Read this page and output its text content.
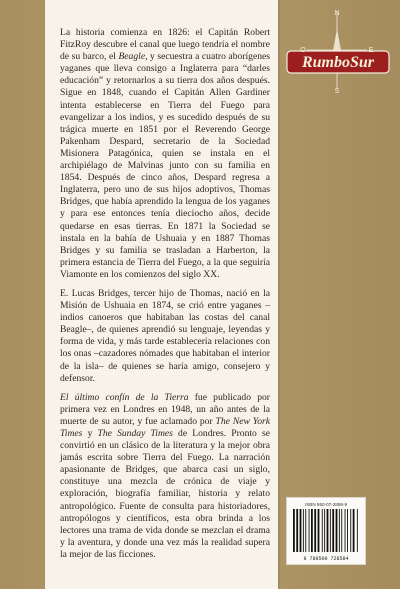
La historia comienza en 1826: el Capitán Robert FitzRoy descubre el canal que luego tendría el nombre de su barco, el Beagle, y secuestra a cuatro aborígenes yaganes que lleva consigo a Inglaterra para “darles educación” y retornarlos a su tierra dos años después. Sigue en 1848, cuando el Capitán Allen Gardiner intenta establecerse en Tierra del Fuego para evangelizar a los indios, y es sucedido después de su trágica muerte en 1851 por el Reverendo George Pakenham Despard, secretario de la Sociedad Misionera Patagónica, quien se instala en el archipiélago de Malvinas junto con su familia en 1854. Después de cinco años, Despard regresa a Inglaterra, pero uno de sus hijos adoptivos, Thomas Bridges, que había aprendido la lengua de los yaganes y para ese entonces tenía dieciocho años, decide quedarse en esas tierras. En 1871 la Sociedad se instala en la bahía de Ushuaia y en 1887 Thomas Bridges y su familia se trasladan a Harberton, la primera estancia de Tierra del Fuego, a la que seguiría Viamonte en los comienzos del siglo XX.

E. Lucas Bridges, tercer hijo de Thomas, nació en la Misión de Ushuaia en 1874, se crió entre yaganes –indios canoeros que habitaban las costas del canal Beagle–, de quienes aprendió su lenguaje, leyendas y forma de vida, y más tarde establecería relaciones con los onas –cazadores nómades que habitaban el interior de la isla– de quienes se haría amigo, consejero y defensor.

El último confín de la Tierra fue publicado por primera vez en Londres en 1948, un año antes de la muerte de su autor, y fue aclamado por The New York Times y The Sunday Times de Londres. Pronto se convirtió en un clásico de la literatura y la mejor obra jamás escrita sobre Tierra del Fuego. La narración apasionante de Bridges, que abarca casi un siglo, constituye una mezcla de crónica de viaje y exploración, biografía familiar, historia y relato antropológico. Fuente de consulta para historiadores, antropólogos y científicos, esta obra brinda a los lectores una trama de vida donde se mezclan el drama y la aventura, y donde una vez más la realidad supera la mejor de las ficciones.

RumboSur
N
E
S
O
ISBN 950-07-2858-9
9 789500 728584
